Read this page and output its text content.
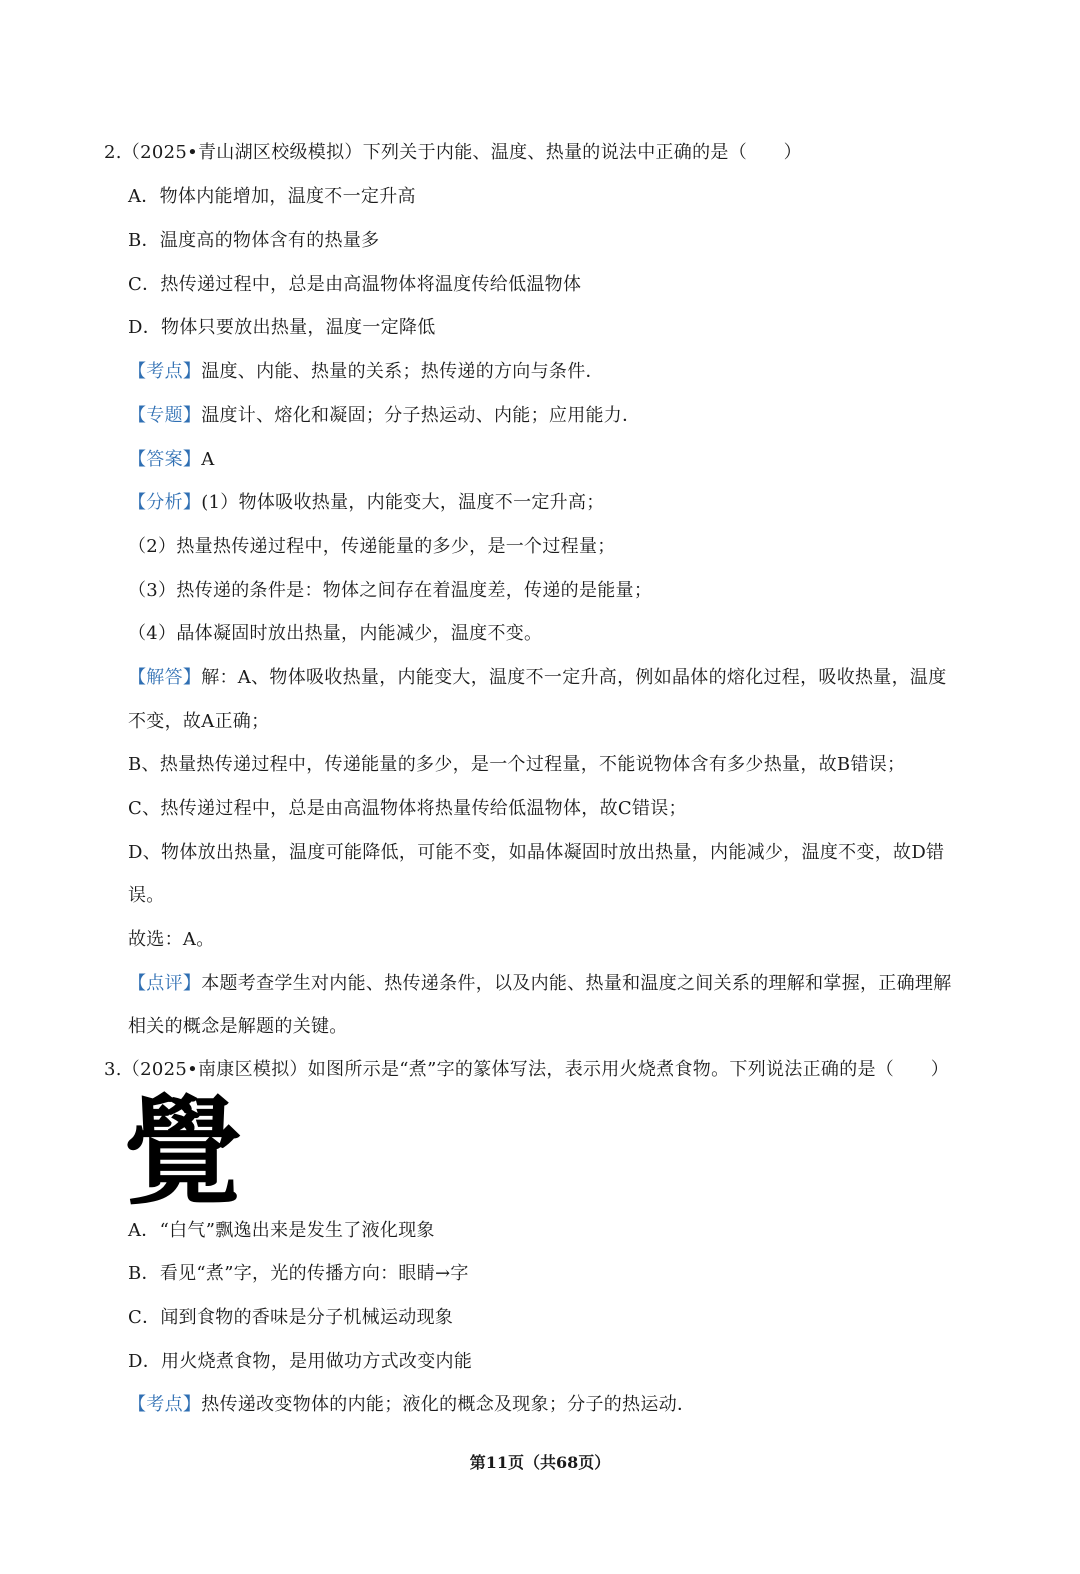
2.（2025•青山湖区校级模拟）下列关于内能、温度、热量的说法中正确的是（　　）
A．物体内能增加，温度不一定升高
B．温度高的物体含有的热量多
C．热传递过程中，总是由高温物体将温度传给低温物体
D．物体只要放出热量，温度一定降低
【考点】温度、内能、热量的关系；热传递的方向与条件．
【专题】温度计、熔化和凝固；分子热运动、内能；应用能力．
【答案】A
【分析】(1）物体吸收热量，内能变大，温度不一定升高；
（2）热量热传递过程中，传递能量的多少，是一个过程量；
（3）热传递的条件是：物体之间存在着温度差，传递的是能量；
（4）晶体凝固时放出热量，内能减少，温度不变。
【解答】解：A、物体吸收热量，内能变大，温度不一定升高，例如晶体的熔化过程，吸收热量，温度
不变，故A正确；
B、热量热传递过程中，传递能量的多少，是一个过程量，不能说物体含有多少热量，故B错误；
C、热传递过程中，总是由高温物体将热量传给低温物体，故C错误；
D、物体放出热量，温度可能降低，可能不变，如晶体凝固时放出热量，内能减少，温度不变，故D错
误。
故选：A。
【点评】本题考查学生对内能、热传递条件，以及内能、热量和温度之间关系的理解和掌握，正确理解
相关的概念是解题的关键。
3.（2025•南康区模拟）如图所示是“煮”字的篆体写法，表示用火烧煮食物。下列说法正确的是（　　）
覺
A．“白气”飘逸出来是发生了液化现象
B．看见“煮”字，光的传播方向：眼睛→字
C．闻到食物的香味是分子机械运动现象
D．用火烧煮食物，是用做功方式改变内能
【考点】热传递改变物体的内能；液化的概念及现象；分子的热运动．
第11页（共68页）
